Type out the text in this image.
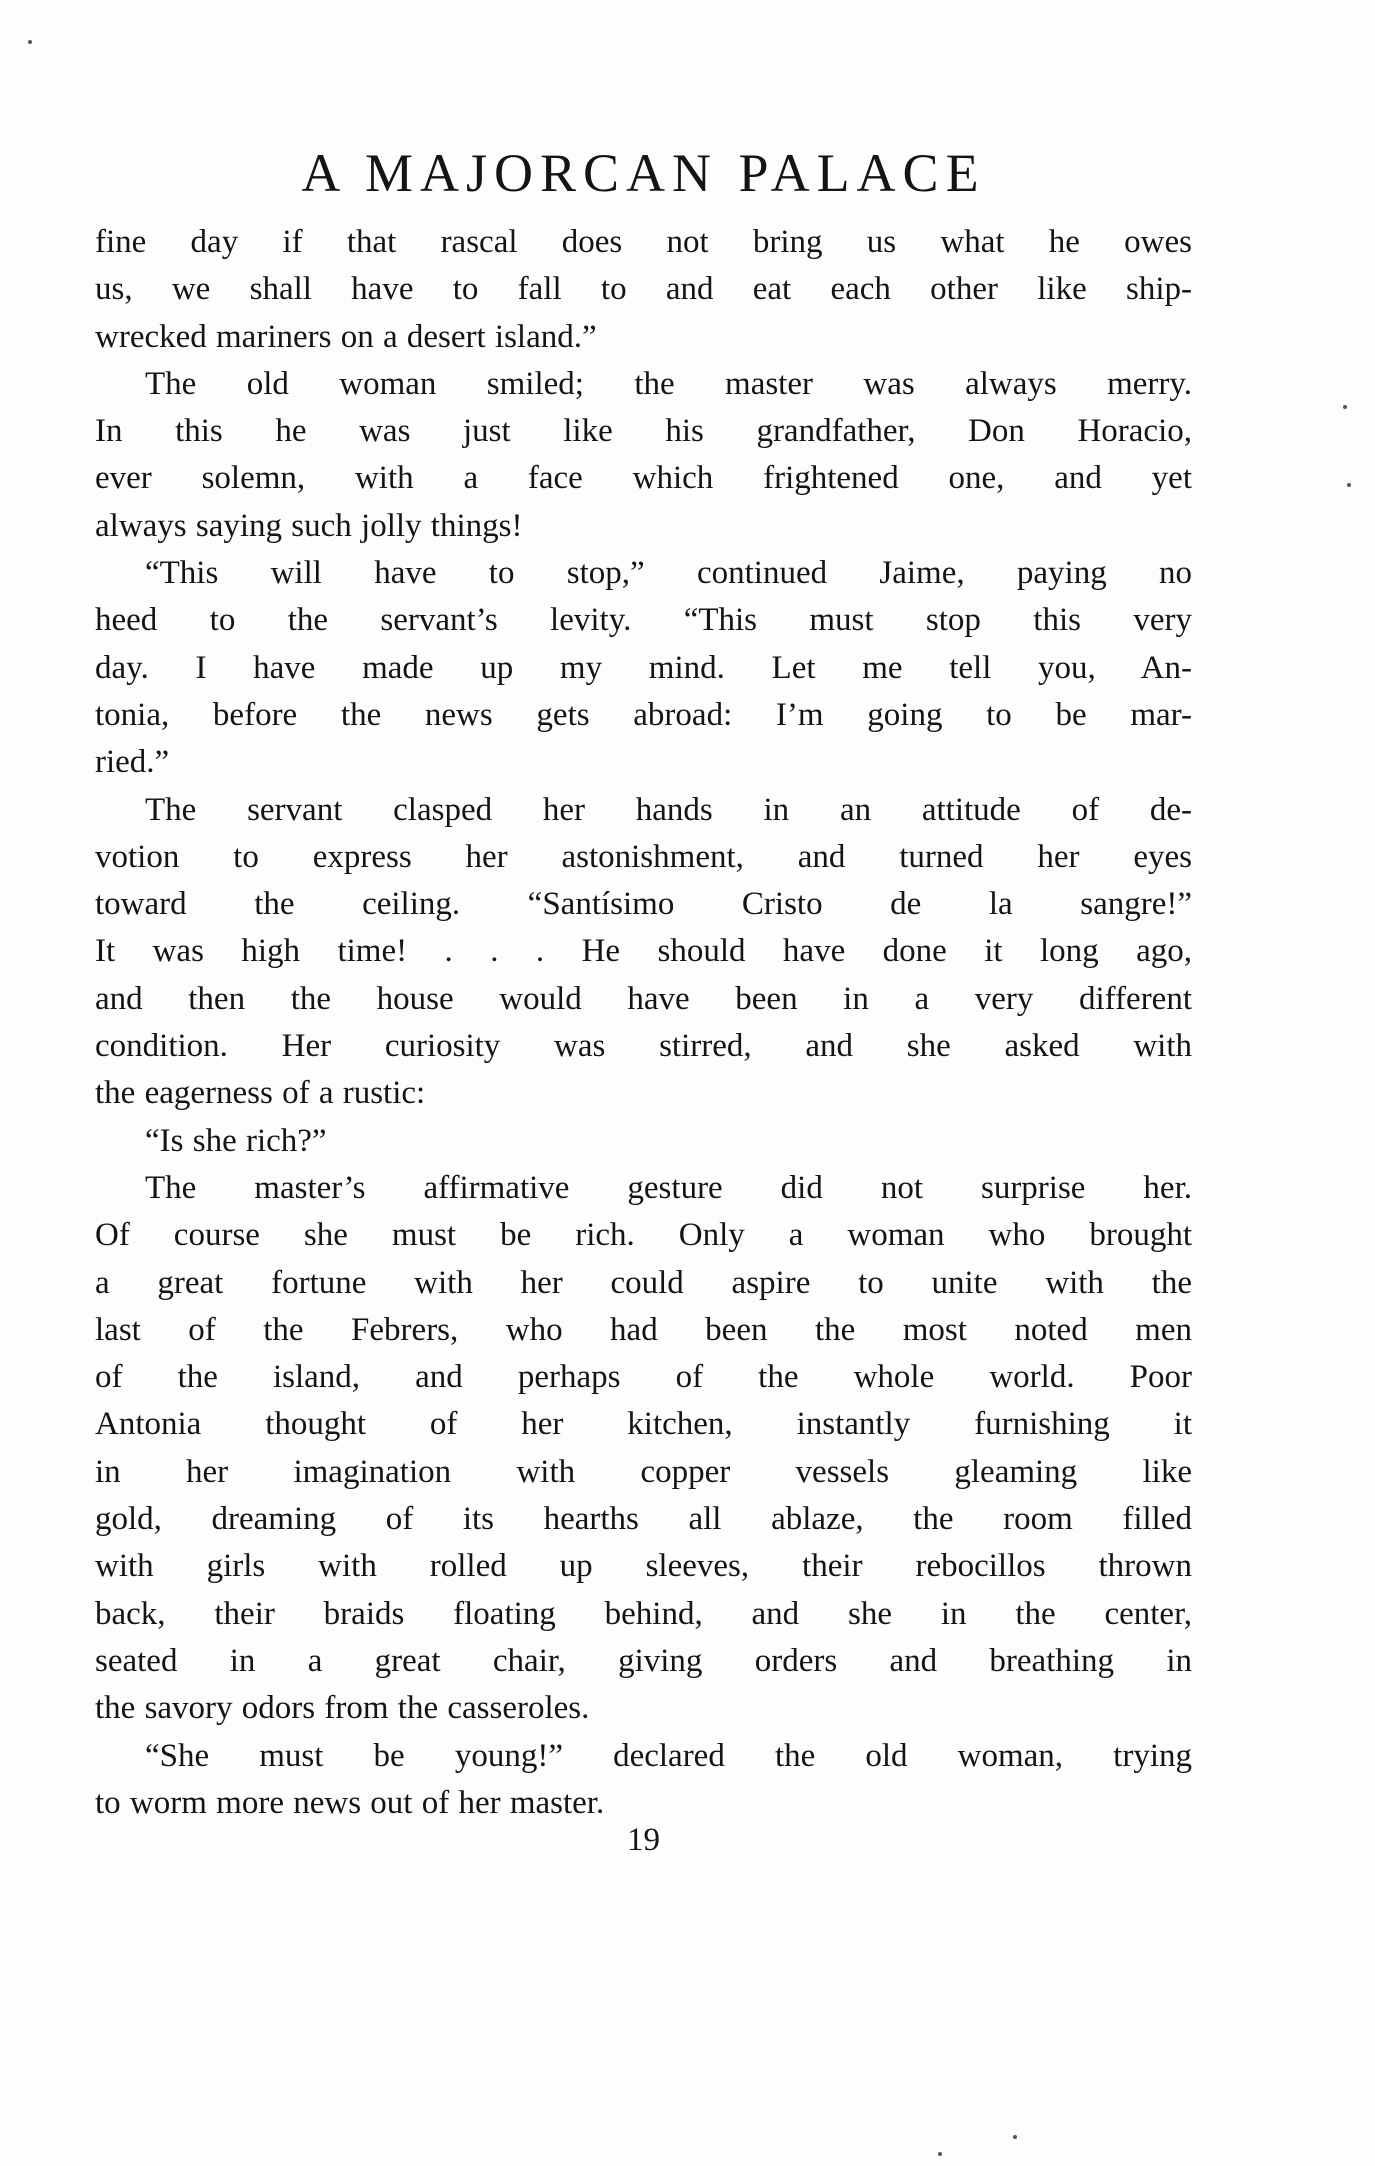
A MAJORCAN PALACE
fine day if that rascal does not bring us what he owes
us, we shall have to fall to and eat each other like ship-
wrecked mariners on a desert island.”
The old woman smiled; the master was always merry.
In this he was just like his grandfather, Don Horacio,
ever solemn, with a face which frightened one, and yet
always saying such jolly things!
“This will have to stop,” continued Jaime, paying no
heed to the servant’s levity. “This must stop this very
day. I have made up my mind. Let me tell you, An-
tonia, before the news gets abroad: I’m going to be mar-
ried.”
The servant clasped her hands in an attitude of de-
votion to express her astonishment, and turned her eyes
toward the ceiling. “Santísimo Cristo de la sangre!”
It was high time! . . . He should have done it long ago,
and then the house would have been in a very different
condition. Her curiosity was stirred, and she asked with
the eagerness of a rustic:
“Is she rich?”
The master’s affirmative gesture did not surprise her.
Of course she must be rich. Only a woman who brought
a great fortune with her could aspire to unite with the
last of the Febrers, who had been the most noted men
of the island, and perhaps of the whole world. Poor
Antonia thought of her kitchen, instantly furnishing it
in her imagination with copper vessels gleaming like
gold, dreaming of its hearths all ablaze, the room filled
with girls with rolled up sleeves, their rebocillos thrown
back, their braids floating behind, and she in the center,
seated in a great chair, giving orders and breathing in
the savory odors from the casseroles.
“She must be young!” declared the old woman, trying
to worm more news out of her master.
19
